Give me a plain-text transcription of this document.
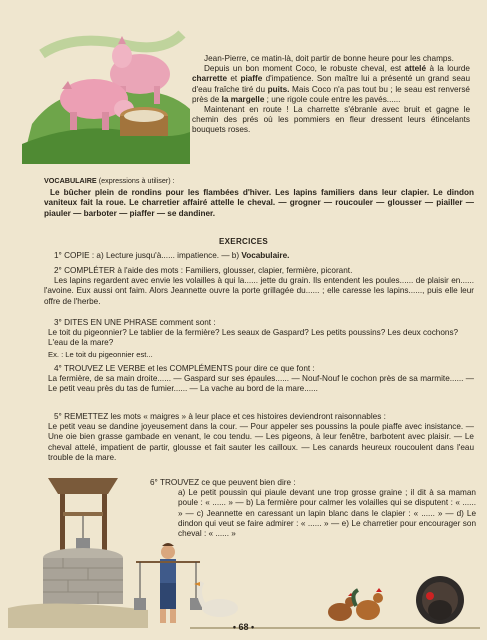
Jean-Pierre, ce matin-là, doit partir de bonne heure pour les champs.

Depuis un bon moment Coco, le robuste cheval, est attelé à la lourde charrette et piaffe d'impatience. Son maître lui a présenté un grand seau d'eau fraîche tiré du puits. Mais Coco n'a pas tout bu ; le seau est renversé près de la margelle ; une rigole coule entre les pavés......

Maintenant en route ! La charrette s'ébranle avec bruit et gagne le chemin des prés où les pommiers en fleur dressent leurs étincelants bouquets roses.

VOCABULAIRE (expressions à utiliser) :

Le bûcher plein de rondins pour les flambées d'hiver. Les lapins familiers dans leur clapier. Le dindon vaniteux fait la roue. Le charretier affairé attelle le cheval. — grogner — roucouler — glousser — piailler — piauler — barboter — piaffer — se dandiner.

EXERCICES

1° COPIE : a) Lecture jusqu'à...... impatience. — b) Vocabulaire.

2° COMPLÉTER à l'aide des mots : Familiers, glousser, clapier, fermière, picorant.

Les lapins regardent avec envie les volailles à qui la...... jette du grain. Ils entendent les poules...... de plaisir en...... l'avoine. Eux aussi ont faim. Alors Jeannette ouvre la porte grillagée du...... ; elle caresse les lapins......, puis elle leur offre de l'herbe.

3° DITES EN UNE PHRASE comment sont :

Le toit du pigeonnier? Le tablier de la fermière? Les seaux de Gaspard? Les petits poussins? Les deux cochons? L'eau de la mare?

Ex. : Le toit du pigeonnier est...

4° TROUVEZ LE VERBE et les COMPLÉMENTS pour dire ce que font :

La fermière, de sa main droite...... — Gaspard sur ses épaules...... — Nouf-Nouf le cochon près de sa marmite...... — Le petit veau près du tas de fumier...... — La vache au bord de la mare......

5° REMETTEZ les mots « maigres » à leur place et ces histoires deviendront raisonnables :

Le petit veau se dandine joyeusement dans la cour. — Pour appeler ses poussins la poule piaffe avec insistance. — Une oie bien grasse gambade en venant, le cou tendu. — Les pigeons, à leur fenêtre, barbotent avec plaisir. — Le cheval attelé, impatient de partir, glousse et fait sauter les cailloux. — Les canards heureux roucoulent dans l'eau trouble de la mare.

6° TROUVEZ ce que peuvent bien dire :

a) Le petit poussin qui piaule devant une trop grosse graine ; il dit à sa maman poule : « ...... » — b) La fermière pour calmer les volailles qui se disputent : « ...... » — c) Jeannette en caressant un lapin blanc dans le clapier : « ...... » — d) Le dindon qui veut se faire admirer : « ...... » — e) Le charretier pour encourager son cheval : « ...... »

• 68 •
